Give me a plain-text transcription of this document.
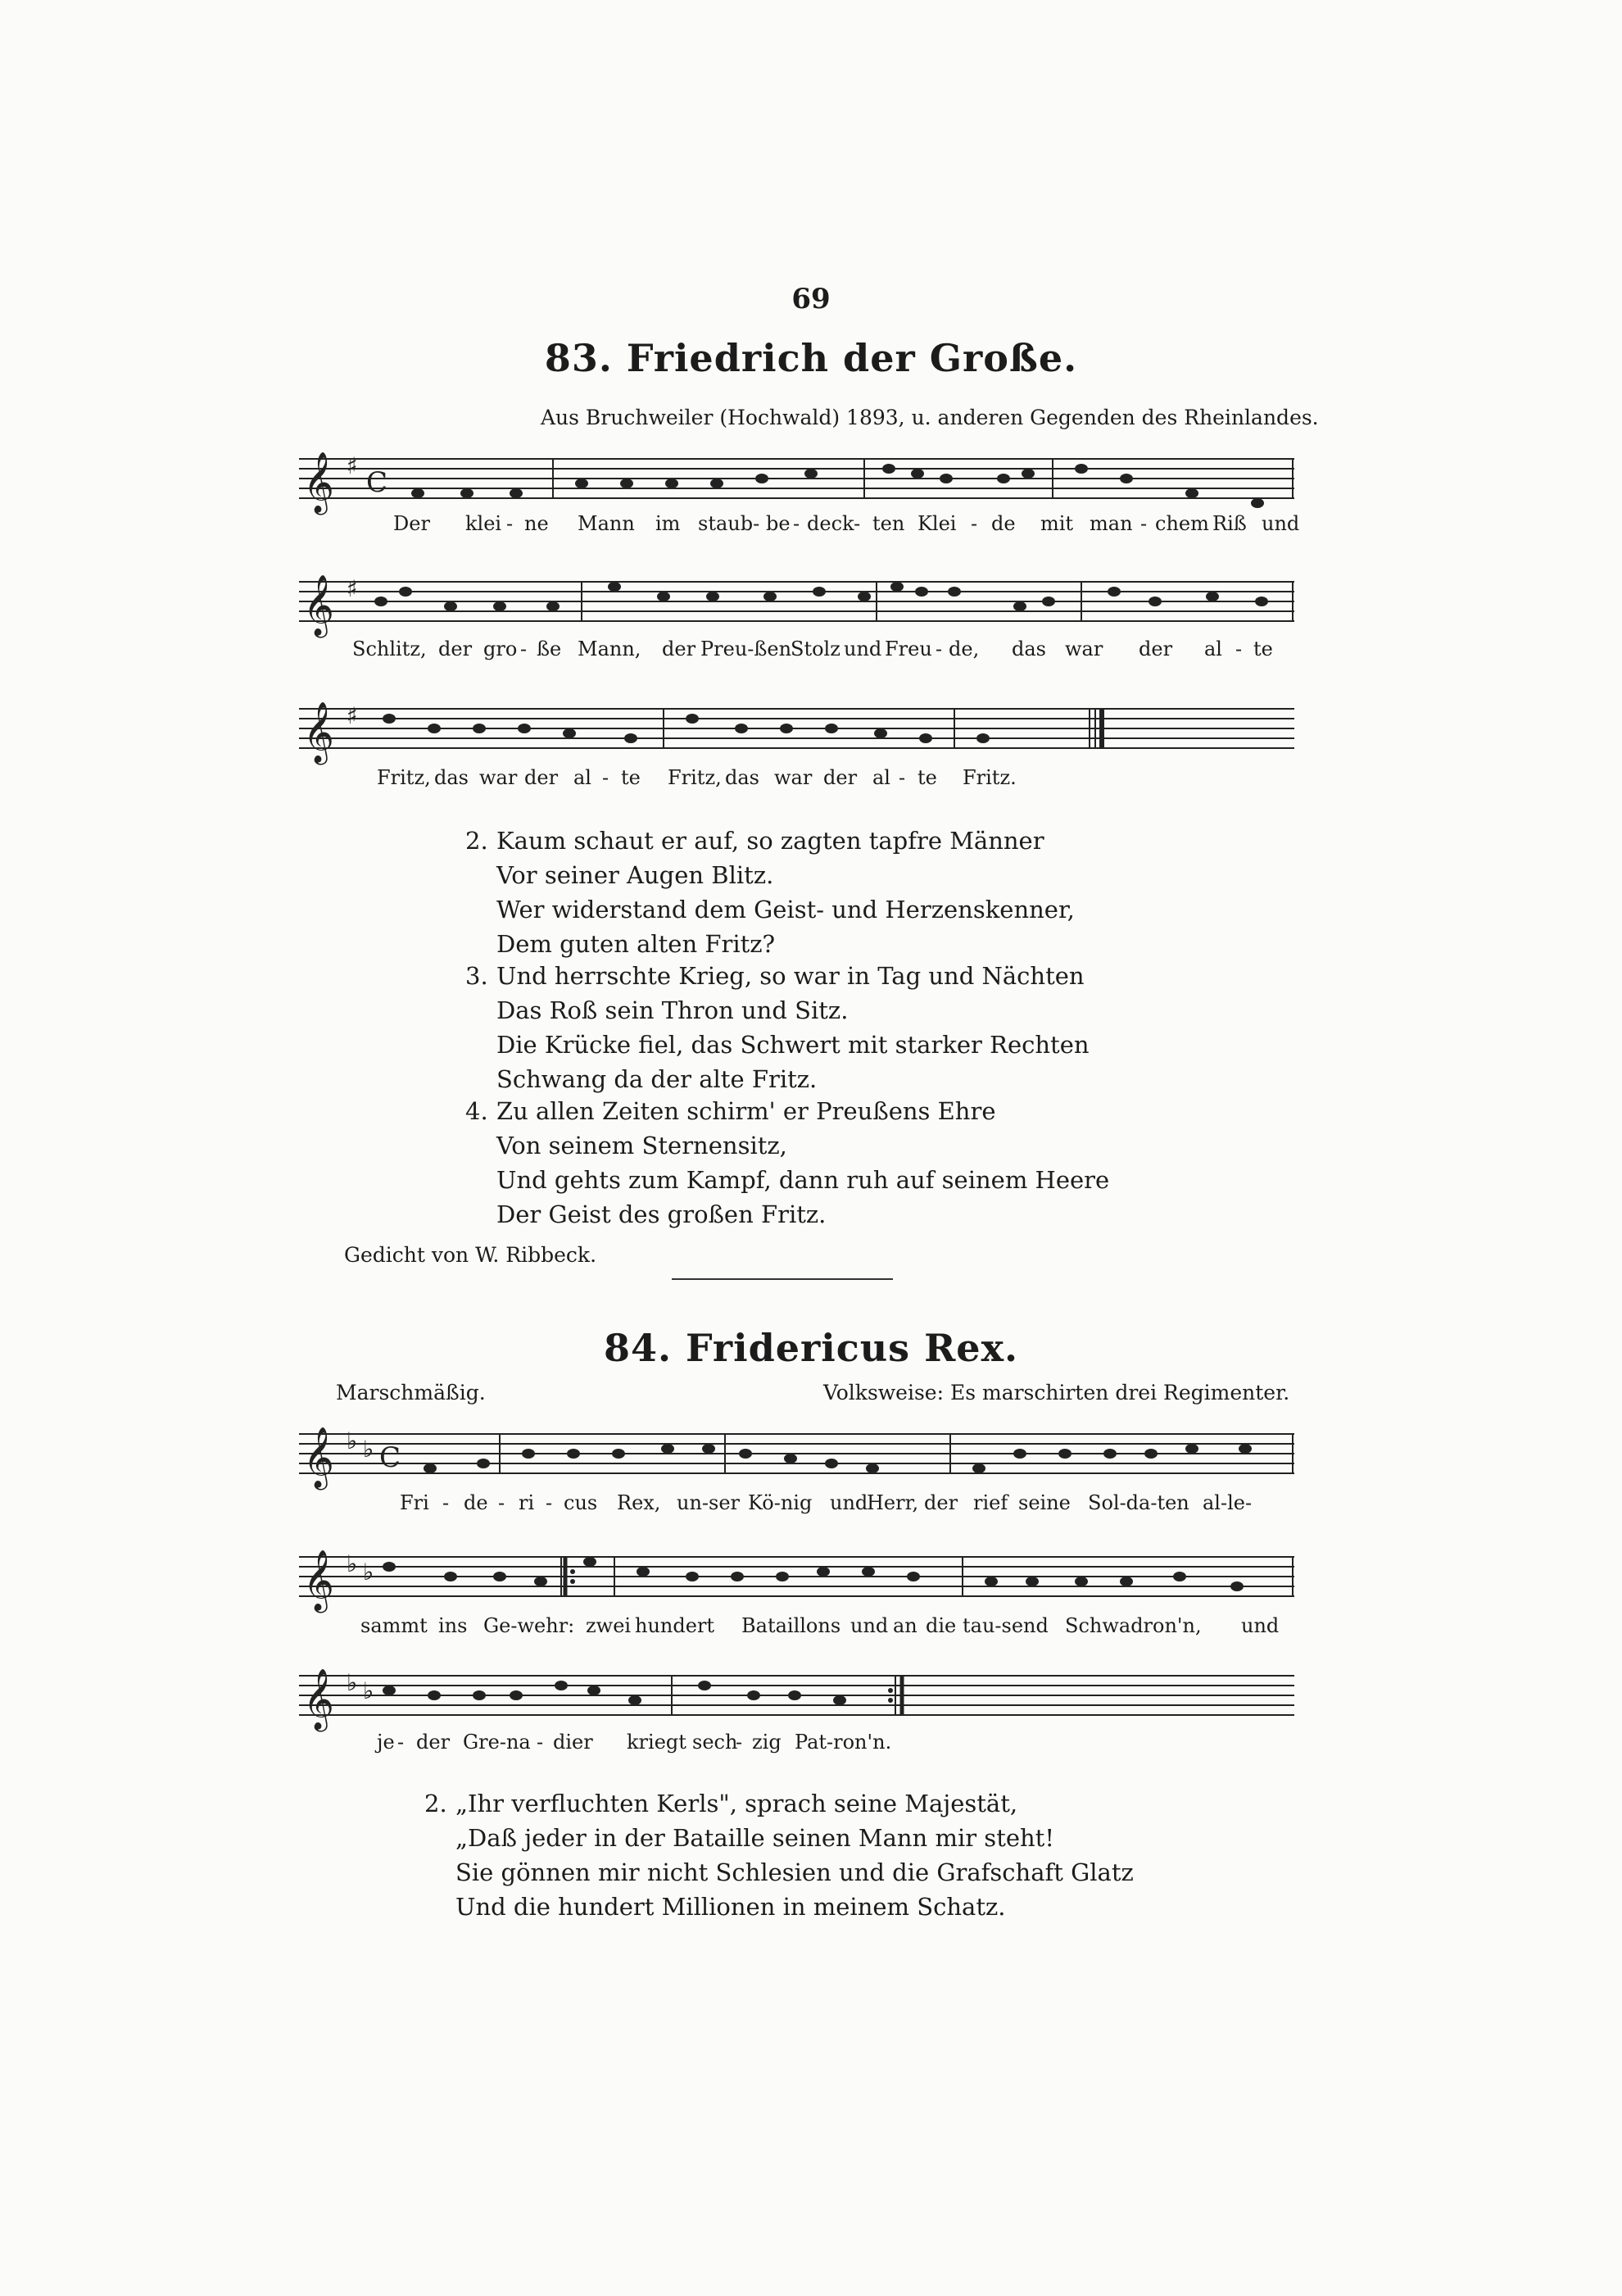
69
83. Friedrich der Große.
Aus Bruchweiler (Hochwald) 1893, u. anderen Gegenden des Rheinlandes.
𝄞 ♯
C
Der klei - ne Mann im staub- be - deck- ten Klei - de mit man - chem Riß und
𝄞 ♯
Schlitz, der gro - ße Mann, der Preu-ßen
Stolz und Freu - de, das war der al - te
𝄞 ♯
Fritz, das war der al - te Fritz, das war der al - te Fritz.
2. Kaum schaut er auf, so zagten tapfre Männer
Vor seiner Augen Blitz.
Wer widerstand dem Geist- und Herzenskenner,
Dem guten alten Fritz?
3. Und herrschte Krieg, so war in Tag und Nächten
Das Roß sein Thron und Sitz.
Die Krücke fiel, das Schwert mit starker Rechten
Schwang da der alte Fritz.
4. Zu allen Zeiten schirm' er Preußens Ehre
Von seinem Sternensitz,
Und gehts zum Kampf, dann ruh auf seinem Heere
Der Geist des großen Fritz.
Gedicht von W. Ribbeck.
84. Fridericus Rex.
Marschmäßig.	Volksweise: Es marschirten drei Regimenter.
𝄞 ♭ ♭ C
Fri - de - ri - cus Rex, un-ser Kö-nig und
Herr, der rief seine Sol-da-ten al-le-
𝄞 ♭ ♭
sammt ins Ge-wehr: zwei hundert Bataillons und an die tau-send Schwadron'n, und
𝄞 ♭ ♭
je - der Gre-na - dier kriegt sech
- zig Pat-ron'n.
2. „Ihr verfluchten Kerls", sprach seine Majestät,
„Daß jeder in der Bataille seinen Mann mir steht!
Sie gönnen mir nicht Schlesien und die Grafschaft Glatz
Und die hundert Millionen in meinem Schatz.
